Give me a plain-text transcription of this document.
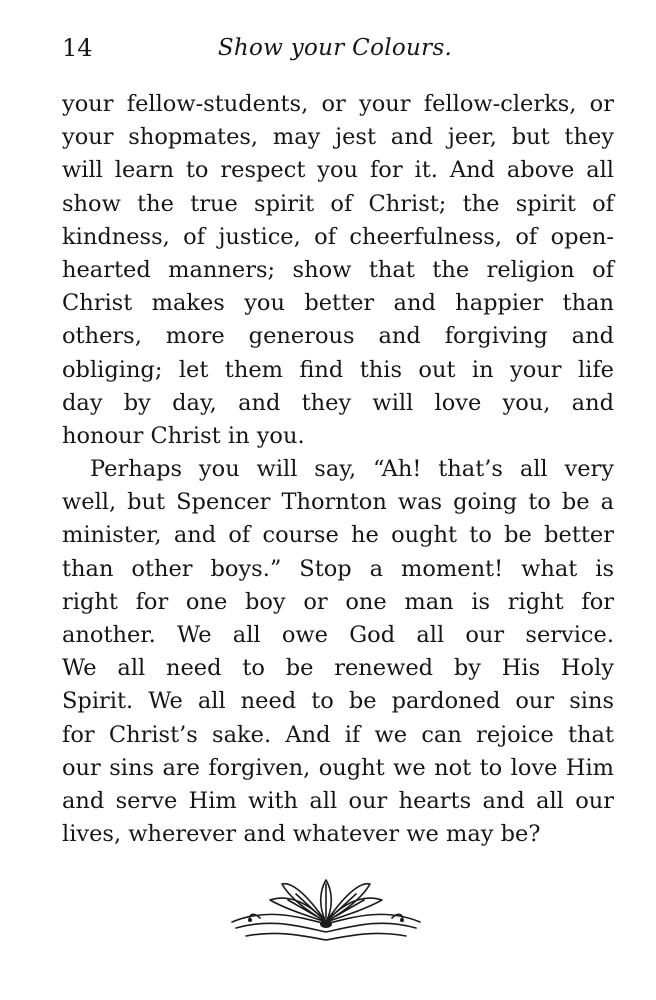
14	Show your Colours.
your fellow-students, or your fellow-clerks, or
your shopmates, may jest and jeer, but they
will learn to respect you for it. And above all
show the true spirit of Christ; the spirit of
kindness, of justice, of cheerfulness, of open-
hearted manners; show that the religion of
Christ makes you better and happier than
others, more generous and forgiving and
obliging; let them find this out in your life
day by day, and they will love you, and
honour Christ in you.
Perhaps you will say, “Ah! that’s all very
well, but Spencer Thornton was going to be a
minister, and of course he ought to be better
than other boys.” Stop a moment! what is
right for one boy or one man is right for
another. We all owe God all our service.
We all need to be renewed by His Holy
Spirit. We all need to be pardoned our sins
for Christ’s sake. And if we can rejoice that
our sins are forgiven, ought we not to love Him
and serve Him with all our hearts and all our
lives, wherever and whatever we may be?
